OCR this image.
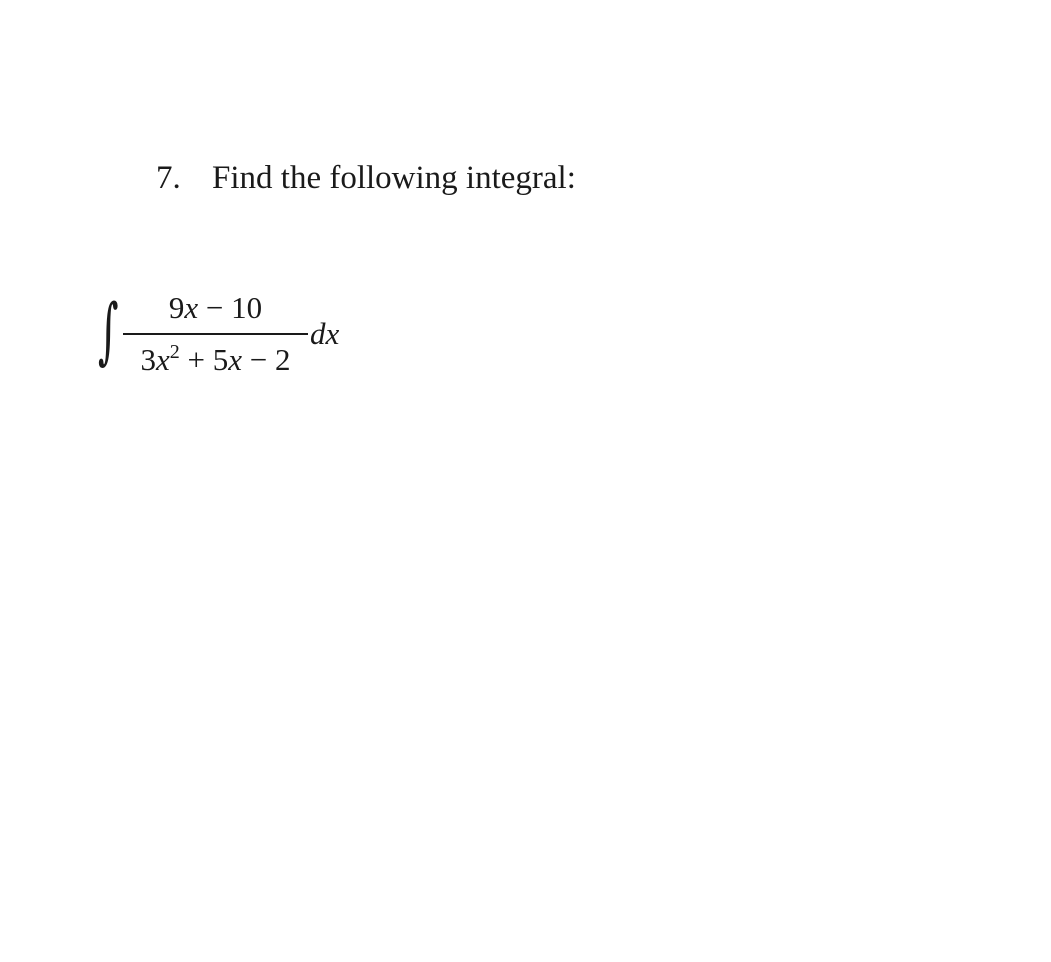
7. Find the following integral:
∫	9x − 10
$3x^2 + 5x - 2$
dx
